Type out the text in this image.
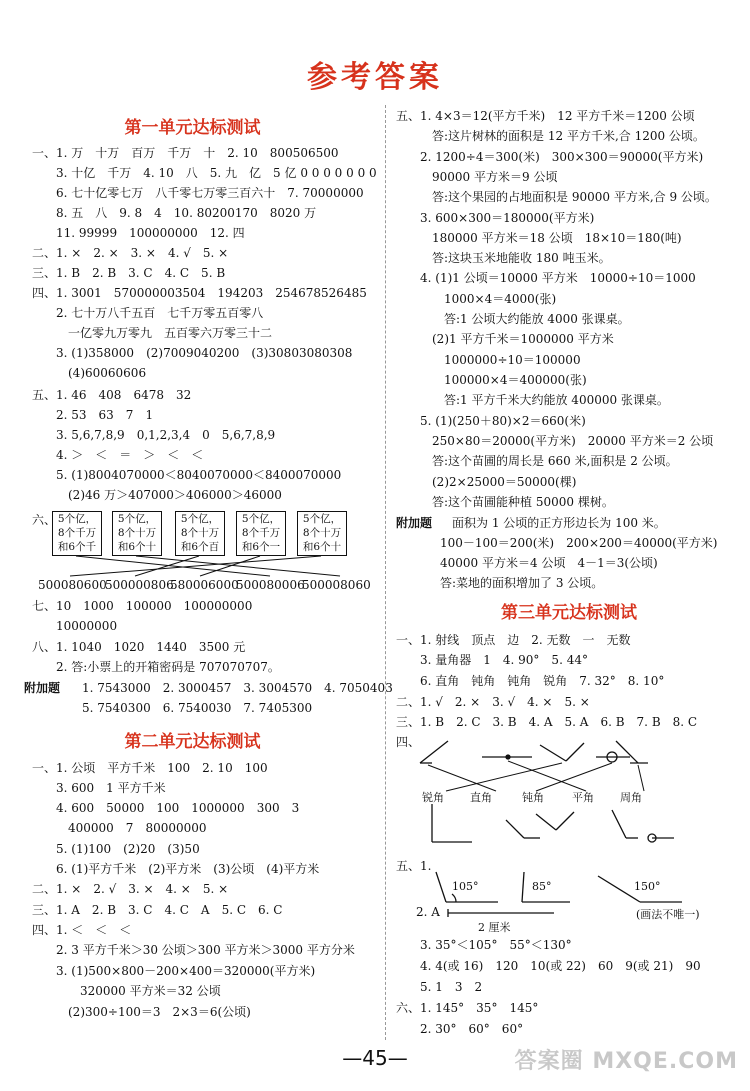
参考答案
第一单元达标测试
一、1. 万　十万　百万　千万　十　2. 10　800506500
　　3. 十亿　千万　4. 10　八　5. 九　亿　5 亿 0 0 0 0 0 0 0
　　6. 七十亿零七万　八千零七万零三百六十　7. 70000000
　　8. 五　八　9. 8　4　10. 80200170　8020 万
　　11. 99999　100000000　12. 四
二、1. ×　2. ×　3. ×　4. √　5. ×
三、1. B　2. B　3. C　4. C　5. B
四、1. 3001　570000003504　194203　254678526485
　　2. 七十万八千五百　七千万零五百零八
　　　一亿零九万零九　五百零六万零三十二
　　3. (1)358000　(2)7009040200　(3)30803080308
　　　(4)60060606
五、1. 46　408　6478　32
　　2. 53　63　7　1
　　3. 5,6,7,8,9　0,1,2,3,4　0　5,6,7,8,9
　　4. ＞　＜　＝　＞　＜　＜
　　5. (1)8004070000＜8040070000＜8400070000
　　　(2)46 万＞407000＞406000＞46000
六、 5个亿，
8个千万
和6个千
5个亿，
8个十万
和6个十
5个亿，
8个十万
和6个百
5个亿，
8个千万
和6个一
5个亿，
8个十万
和6个十
500080600
500000806
580006000
500080006
500008060
七、10　1000　100000　100000000
　　10000000
八、1. 1040　1020　1440　3500 元
　　2. 答:小票上的开箱密码是 707070707。
附加题 1. 7543000　2. 3000457　3. 3004570　4. 7050403
5. 7540300　6. 7540030　7. 7405300
第二单元达标测试
一、1. 公顷　平方千米　100　2. 10　100
　　3. 600　1 平方千米
　　4. 600　50000　100　1000000　300　3
　　　400000　7　80000000
　　5. (1)100　(2)20　(3)50
　　6. (1)平方千米　(2)平方米　(3)公顷　(4)平方米
二、1. ×　2. √　3. ×　4. ×　5. ×
三、1. A　2. B　3. C　4. C　A　5. C　6. C
四、1. ＜　＜　＜
　　2. 3 平方千米＞30 公顷＞300 平方米＞3000 平方分米
　　3. (1)500×800－200×400＝320000(平方米)
　　　　320000 平方米＝32 公顷
　　　(2)300÷100＝3　2×3＝6(公顷)
五、1. 4×3＝12(平方千米)　12 平方千米＝1200 公顷
　　　答:这片树林的面积是 12 平方千米,合 1200 公顷。
　　2. 1200÷4＝300(米)　300×300＝90000(平方米)
　　　90000 平方米＝9 公顷
　　　答:这个果园的占地面积是 90000 平方米,合 9 公顷。
　　3. 600×300＝180000(平方米)
　　　180000 平方米＝18 公顷　18×10＝180(吨)
　　　答:这块玉米地能收 180 吨玉米。
　　4. (1)1 公顷＝10000 平方米　10000÷10＝1000
　　　　1000×4＝4000(张)
　　　　答:1 公顷大约能放 4000 张课桌。
　　　(2)1 平方千米＝1000000 平方米
　　　　1000000÷10＝100000
　　　　100000×4＝400000(张)
　　　　答:1 平方千米大约能放 400000 张课桌。
　　5. (1)(250＋80)×2＝660(米)
　　　250×80＝20000(平方米)　20000 平方米＝2 公顷
　　　答:这个苗圃的周长是 660 米,面积是 2 公顷。
　　　(2)2×25000＝50000(棵)
　　　答:这个苗圃能种植 50000 棵树。
附加题 面积为 1 公顷的正方形边长为 100 米。
100－100＝200(米)　200×200＝40000(平方米)
40000 平方米＝4 公顷　4－1＝3(公顷)
答:菜地的面积增加了 3 公顷。
第三单元达标测试
一、1. 射线　顶点　边　2. 无数　一　无数
　　3. 量角器　1　4. 90°　5. 44°
　　6. 直角　钝角　钝角　锐角　7. 32°　8. 10°
二、1. √　2. ×　3. √　4. ×　5. ×
三、1. B　2. C　3. B　4. A　5. A　6. B　7. B　8. C
四、
锐角 直角	钝角	平角 周角
五、1.
105°	85°	150°
2. A
2 厘米
(画法不唯一)
　　3. 35°＜105°　55°＜130°
　　4. 4(或 16)　120　10(或 22)　60　9(或 21)　90
　　5. 1　3　2
六、1. 145°　35°　145°
　　2. 30°　60°　60°
—45—	答案圈 MXQE.COM
